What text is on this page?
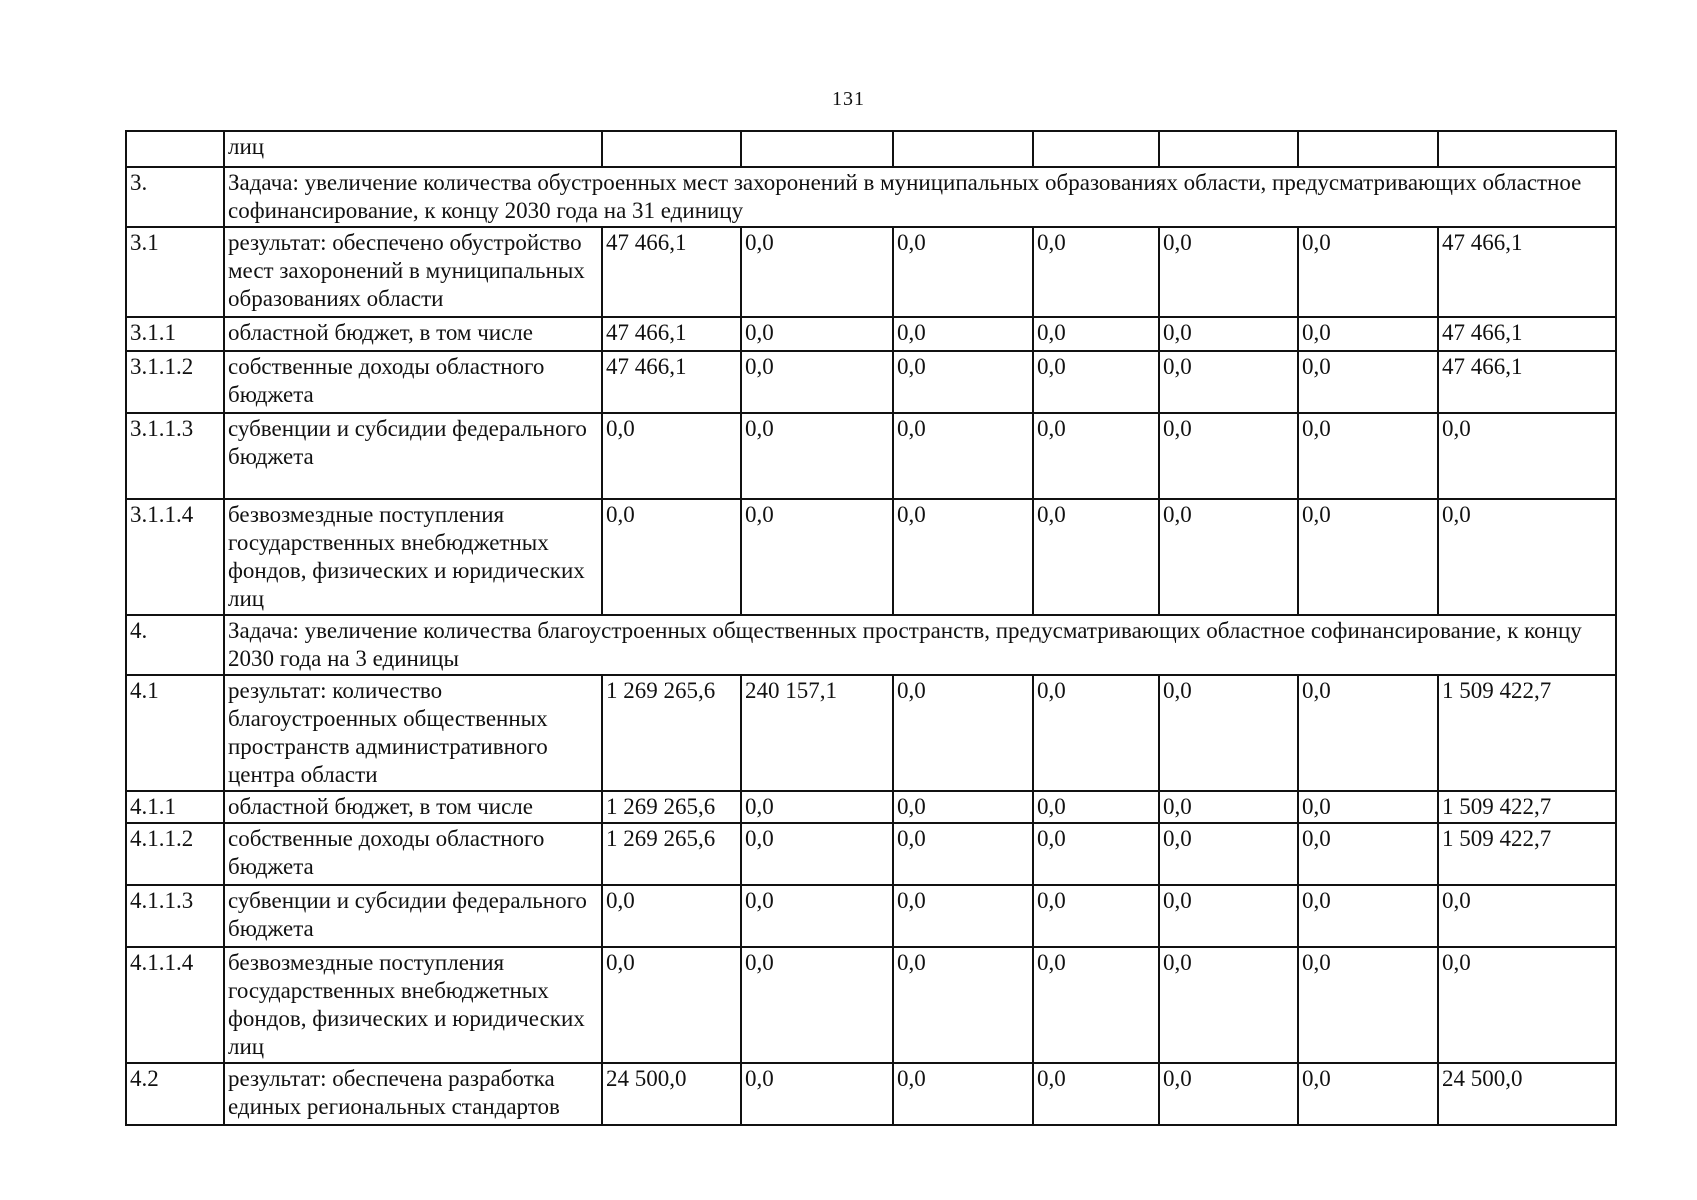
131
	лиц							
3.	Задача: увеличение количества обустроенных мест захоронений в муниципальных образованиях области, предусматривающих областное софинансирование, к концу 2030 года на 31 единицу							
3.1	результат: обеспечено обустройство мест захоронений в муниципальных образованиях области	47 466,1	0,0	0,0	0,0	0,0	0,0	47 466,1
3.1.1	областной бюджет, в том числе	47 466,1	0,0	0,0	0,0	0,0	0,0	47 466,1
3.1.1.2	собственные доходы областного бюджета	47 466,1	0,0	0,0	0,0	0,0	0,0	47 466,1
3.1.1.3	субвенции и субсидии федерального бюджета	0,0	0,0	0,0	0,0	0,0	0,0	0,0
3.1.1.4	безвозмездные поступления государственных внебюджетных фондов, физических и юридических лиц	0,0	0,0	0,0	0,0	0,0	0,0	0,0
4.	Задача: увеличение количества благоустроенных общественных пространств, предусматривающих областное софинансирование, к концу 2030 года на 3 единицы							
4.1	результат: количество благоустроенных общественных пространств административного центра области	1 269 265,6	240 157,1	0,0	0,0	0,0	0,0	1 509 422,7
4.1.1	областной бюджет, в том числе	1 269 265,6	0,0	0,0	0,0	0,0	0,0	1 509 422,7
4.1.1.2	собственные доходы областного бюджета	1 269 265,6	0,0	0,0	0,0	0,0	0,0	1 509 422,7
4.1.1.3	субвенции и субсидии федерального бюджета	0,0	0,0	0,0	0,0	0,0	0,0	0,0
4.1.1.4	безвозмездные поступления государственных внебюджетных фондов, физических и юридических лиц	0,0	0,0	0,0	0,0	0,0	0,0	0,0
4.2	результат: обеспечена разработка единых региональных стандартов	24 500,0	0,0	0,0	0,0	0,0	0,0	24 500,0
